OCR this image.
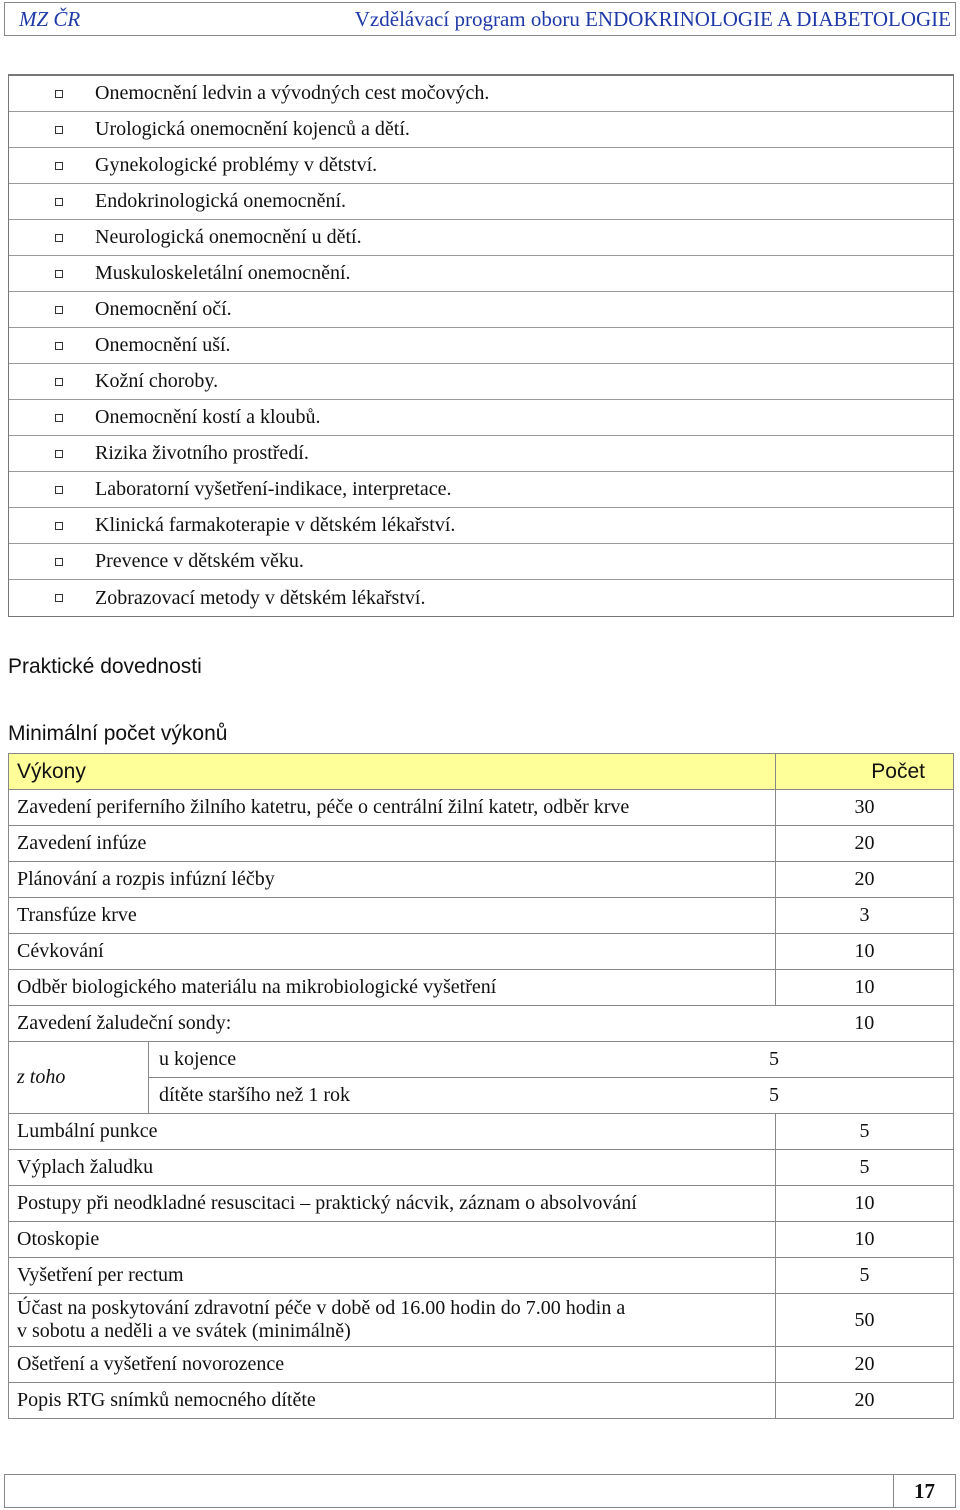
MZ ČR	Vzdělávací program oboru ENDOKRINOLOGIE A DIABETOLOGIE
Onemocnění ledvin a vývodných cest močových.
Urologická onemocnění kojenců a dětí.
Gynekologické problémy v dětství.
Endokrinologická onemocnění.
Neurologická onemocnění u dětí.
Muskuloskeletální onemocnění.
Onemocnění očí.
Onemocnění uší.
Kožní choroby.
Onemocnění kostí a kloubů.
Rizika životního prostředí.
Laboratorní vyšetření-indikace, interpretace.
Klinická farmakoterapie v dětském lékařství.
Prevence v dětském věku.
Zobrazovací metody v dětském lékařství.
Praktické dovednosti
Minimální počet výkonů
Výkony	Počet
Zavedení periferního žilního katetru, péče o centrální žilní katetr, odběr krve	30
Zavedení infúze	20
Plánování a rozpis infúzní léčby	20
Transfúze krve	3
Cévkování	10
Odběr biologického materiálu na mikrobiologické vyšetření	10
Zavedení žaludeční sondy:	10

z toho
u kojence 5
dítěte staršího než 1 rok 5	

Lumbální punkce	5
Výplach žaludku	5
Postupy při neodkladné resuscitaci – praktický nácvik, záznam o absolvování	10
Otoskopie	10
Vyšetření per rectum	5

Účast na poskytování zdravotní péče v době od 16.00 hodin do 7.00 hodin a
v sobotu a neděli a ve svátek (minimálně)	50
Ošetření a vyšetření novorozence	20
Popis RTG snímků nemocného dítěte	20
17
